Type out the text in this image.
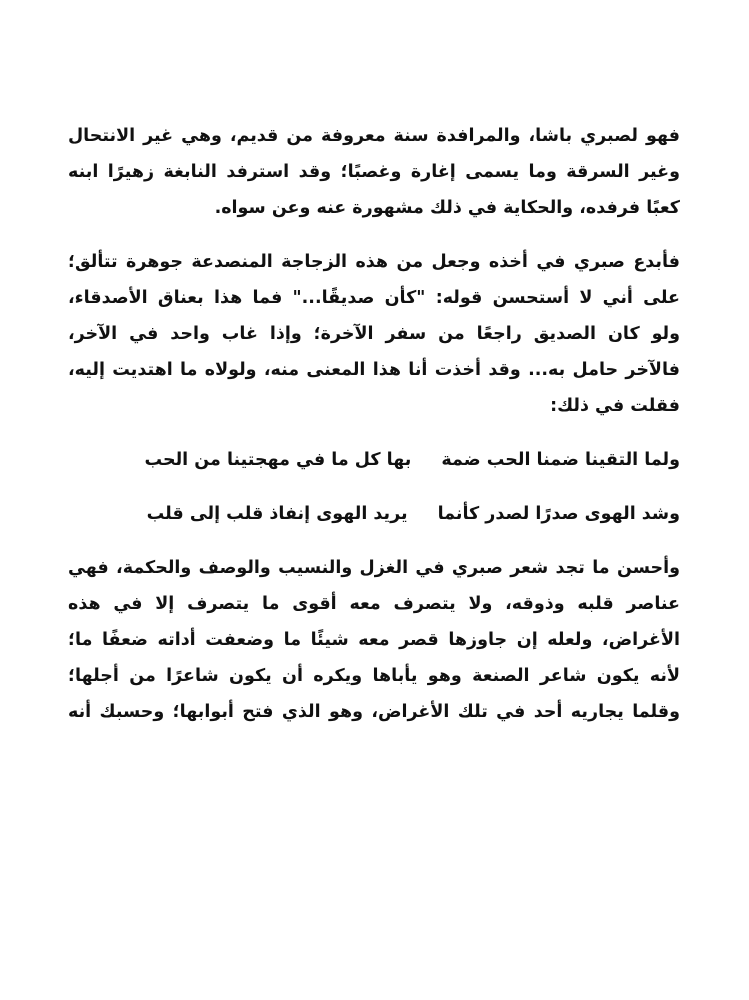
فهو لصبري باشا، والمرافدة سنة معروفة من قديم، وهي غير الانتحال
وغير السرقة وما يسمى إغارة وغصبًا؛ وقد استرفد النابغة زهيرًا ابنه
كعبًا فرفده، والحكاية في ذلك مشهورة عنه وعن سواه.

فأبدع صبري في أخذه وجعل من هذه الزجاجة المنصدعة جوهرة تتألق؛
على أني لا أستحسن قوله: "كأن صديقًا..." فما هذا بعناق الأصدقاء،
ولو كان الصديق راجعًا من سفر الآخرة؛ وإذا غاب واحد في الآخر،
فالآخر حامل به... وقد أخذت أنا هذا المعنى منه، ولولاه ما اهتديت إليه،
فقلت في ذلك:

ولما التقينا ضمنا الحب ضمة
بها كل ما في مهجتينا من الحب
وشد الهوى صدرًا لصدر كأنما
يريد الهوى إنفاذ قلب إلى قلب

وأحسن ما تجد شعر صبري في الغزل والنسيب والوصف والحكمة، فهي
عناصر قلبه وذوقه، ولا يتصرف معه أقوى ما يتصرف إلا في هذه
الأغراض، ولعله إن جاوزها قصر معه شيئًا ما وضعفت أداته ضعفًا ما؛
لأنه يكون شاعر الصنعة وهو يأباها ويكره أن يكون شاعرًا من أجلها؛
وقلما يجاريه أحد في تلك الأغراض، وهو الذي فتح أبوابها؛ وحسبك أنه
